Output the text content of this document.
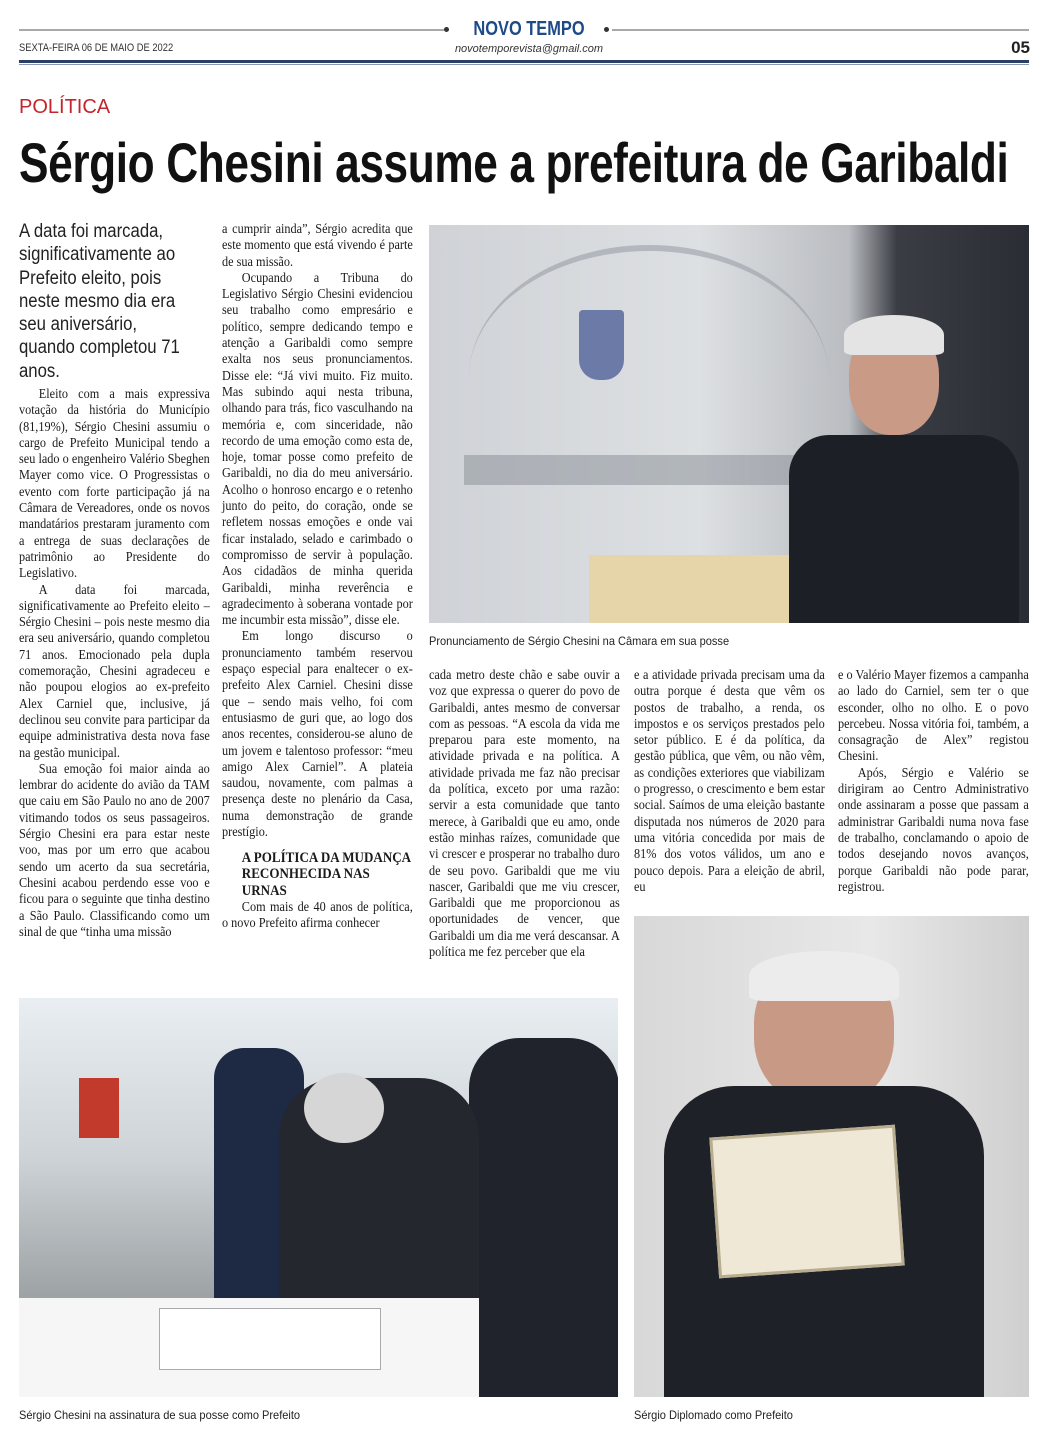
NOVO TEMPO
novotemporevista@gmail.com
SEXTA-FEIRA 06 DE MAIO DE 2022	05
POLÍTICA
Sérgio Chesini assume a prefeitura de Garibaldi
A data foi marcada, significativamente ao Prefeito eleito, pois neste mesmo dia era seu aniversário, quando completou 71 anos.

Eleito com a mais expressiva votação da história do Município (81,19%), Sérgio Chesini assumiu o cargo de Prefeito Municipal tendo a seu lado o engenheiro Valério Sbeghen Mayer como vice. O Progressistas o evento com forte participação já na Câmara de Vereadores, onde os novos mandatários prestaram juramento com a entrega de suas declarações de patrimônio ao Presidente do Legislativo.

A data foi marcada, significativamente ao Prefeito eleito – Sérgio Chesini – pois neste mesmo dia era seu aniversário, quando completou 71 anos. Emocionado pela dupla comemoração, Chesini agradeceu e não poupou elogios ao ex-prefeito Alex Carniel que, inclusive, já declinou seu convite para participar da equipe administrativa desta nova fase na gestão municipal.

Sua emoção foi maior ainda ao lembrar do acidente do avião da TAM que caiu em São Paulo no ano de 2007 vitimando todos os seus passageiros. Sérgio Chesini era para estar neste voo, mas por um erro que acabou sendo um acerto da sua secretária, Chesini acabou perdendo esse voo e ficou para o seguinte que tinha destino a São Paulo. Classificando como um sinal de que “tinha uma missão

a cumprir ainda”, Sérgio acredita que este momento que está vivendo é parte de sua missão.

Ocupando a Tribuna do Legislativo Sérgio Chesini evidenciou seu trabalho como empresário e político, sempre dedicando tempo e atenção a Garibaldi como sempre exalta nos seus pronunciamentos. Disse ele: “Já vivi muito. Fiz muito. Mas subindo aqui nesta tribuna, olhando para trás, fico vasculhando na memória e, com sinceridade, não recordo de uma emoção como esta de, hoje, tomar posse como prefeito de Garibaldi, no dia do meu aniversário. Acolho o honroso encargo e o retenho junto do peito, do coração, onde se refletem nossas emoções e onde vai ficar instalado, selado e carimbado o compromisso de servir à população. Aos cidadãos de minha querida Garibaldi, minha reverência e agradecimento à soberana vontade por me incumbir esta missão”, disse ele.

Em longo discurso o pronunciamento também reservou espaço especial para enaltecer o ex-prefeito Alex Carniel. Chesini disse que – sendo mais velho, foi com entusiasmo de guri que, ao logo dos anos recentes, considerou-se aluno de um jovem e talentoso professor: “meu amigo Alex Carniel”. A plateia saudou, novamente, com palmas a presença deste no plenário da Casa, numa demonstração de grande prestígio.

A POLÍTICA DA MUDANÇA RECONHECIDA NAS URNAS

Com mais de 40 anos de política, o novo Prefeito afirma conhecer

Pronunciamento de Sérgio Chesini na Câmara em sua posse

cada metro deste chão e sabe ouvir a voz que expressa o querer do povo de Garibaldi, antes mesmo de conversar com as pessoas. “A escola da vida me preparou para este momento, na atividade privada e na política. A atividade privada me faz não precisar da política, exceto por uma razão: servir a esta comunidade que tanto merece, à Garibaldi que eu amo, onde estão minhas raízes, comunidade que vi crescer e prosperar no trabalho duro de seu povo. Garibaldi que me viu nascer, Garibaldi que me viu crescer, Garibaldi que me proporcionou as oportunidades de vencer, que Garibaldi um dia me verá descansar. A política me fez perceber que ela

e a atividade privada precisam uma da outra porque é desta que vêm os postos de trabalho, a renda, os impostos e os serviços prestados pelo setor público. E é da política, da gestão pública, que vêm, ou não vêm, as condições exteriores que viabilizam o progresso, o crescimento e bem estar social. Saímos de uma eleição bastante disputada nos números de 2020 para uma vitória concedida por mais de 81% dos votos válidos, um ano e pouco depois. Para a eleição de abril, eu

e o Valério Mayer fizemos a campanha ao lado do Carniel, sem ter o que esconder, olho no olho. E o povo percebeu. Nossa vitória foi, também, a consagração de Alex” registou Chesini.

Após, Sérgio e Valério se dirigiram ao Centro Administrativo onde assinaram a posse que passam a administrar Garibaldi numa nova fase de trabalho, conclamando o apoio de todos desejando novos avanços, porque Garibaldi não pode parar, registrou.

Sérgio Chesini na assinatura de sua posse como Prefeito	Sérgio Diplomado como Prefeito
